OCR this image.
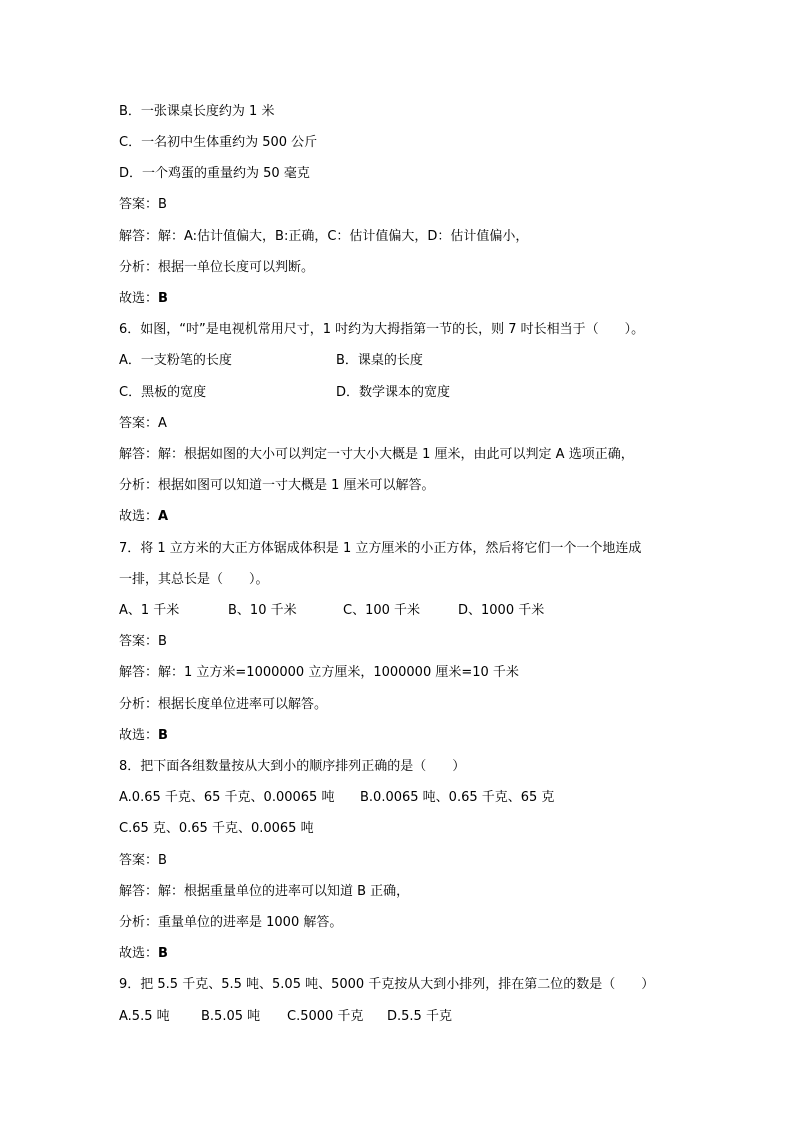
B．一张课桌长度约为 1 米
C．一名初中生体重约为 500 公斤
D．一个鸡蛋的重量约为 50 毫克
答案：B
解答：解：A:估计值偏大，B:正确，C：估计值偏大，D：估计值偏小，
分析：根据一单位长度可以判断。
故选：B
6．如图，“吋”是电视机常用尺寸，1 吋约为大拇指第一节的长，则 7 吋长相当于（　　）。
A．一支粉笔的长度	B．课桌的长度
C．黑板的宽度	D．数学课本的宽度
答案：A
解答：解：根据如图的大小可以判定一寸大小大概是 1 厘米，由此可以判定 A 选项正确，
分析：根据如图可以知道一寸大概是 1 厘米可以解答。
故选：A
7．将 1 立方米的大正方体锯成体积是 1 立方厘米的小正方体，然后将它们一个一个地连成
一排，其总长是（　　）。
A、1 千米	B、10 千米	C、100 千米	D、1000 千米
答案：B
解答：解：1 立方米=1000000 立方厘米，1000000 厘米=10 千米
分析：根据长度单位进率可以解答。
故选：B
8．把下面各组数量按从大到小的顺序排列正确的是（　　）
A.0.65 千克、65 千克、0.00065 吨 B.0.0065 吨、0.65 千克、65 克
C.65 克、0.65 千克、0.0065 吨
答案：B
解答：解：根据重量单位的进率可以知道 B 正确，
分析：重量单位的进率是 1000 解答。
故选：B
9．把 5.5 千克、5.5 吨、5.05 吨、5000 千克按从大到小排列，排在第二位的数是（　　）
A.5.5 吨 B.5.05 吨 C.5000 千克 D.5.5 千克
